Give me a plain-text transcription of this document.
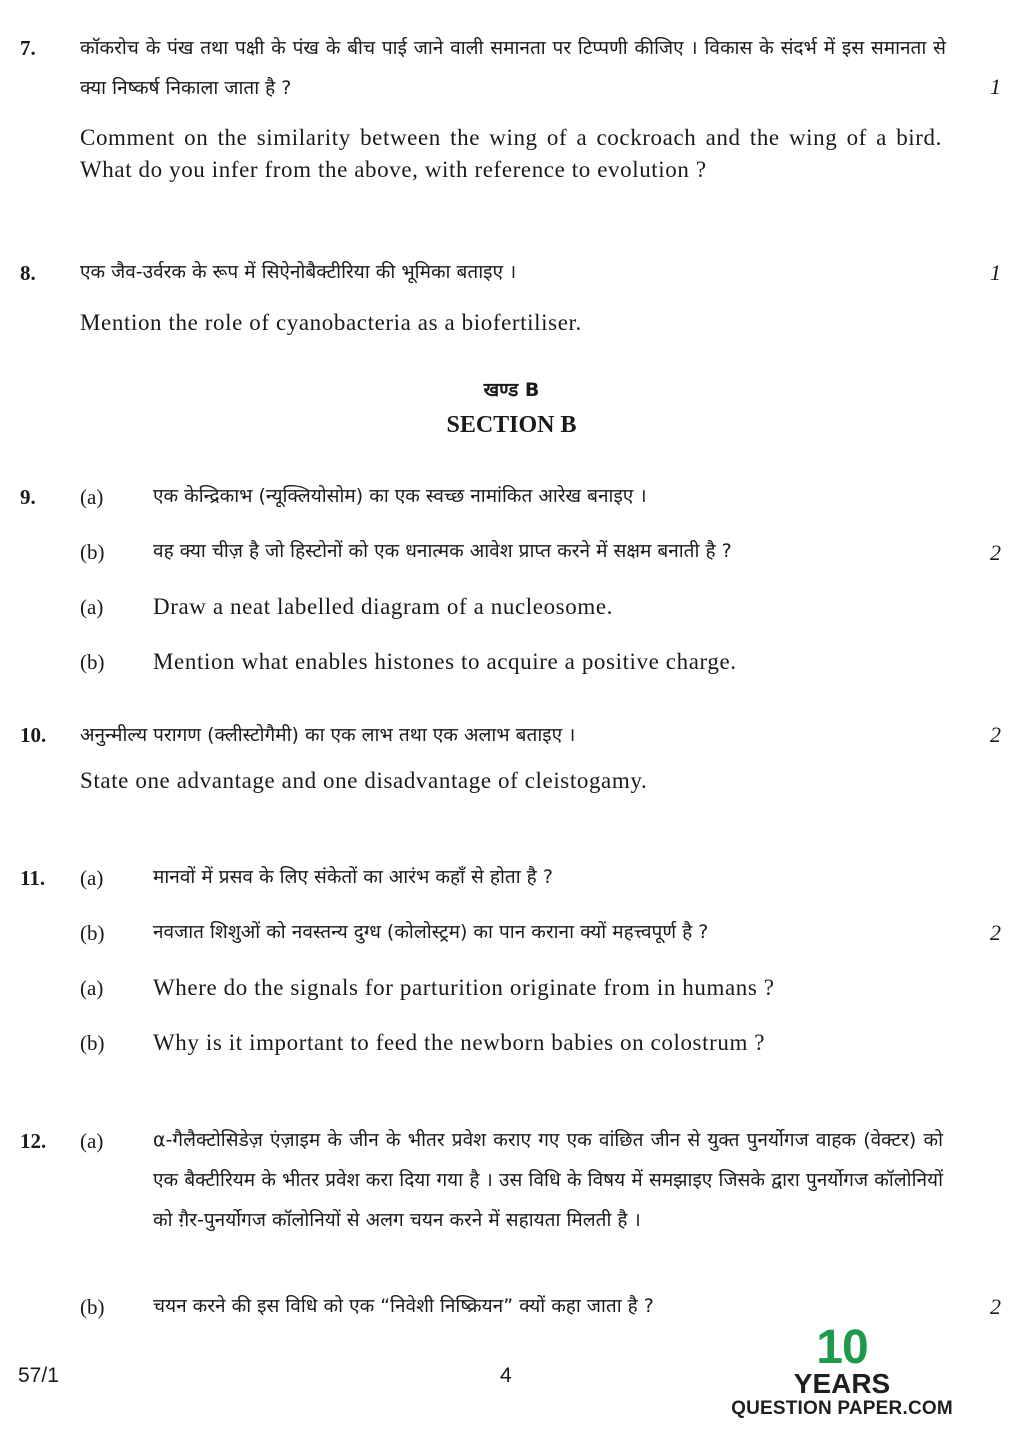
7. कॉकरोच के पंख तथा पक्षी के पंख के बीच पाई जाने वाली समानता पर टिप्पणी कीजिए । विकास के संदर्भ में इस समानता से क्या निष्कर्ष निकाला जाता है ?	1
Comment on the similarity between the wing of a cockroach and the wing of a bird. What do you infer from the above, with reference to evolution ?
8. एक जैव-उर्वरक के रूप में सिऐनोबैक्टीरिया की भूमिका बताइए ।	1
Mention the role of cyanobacteria as a biofertiliser.
खण्ड B
SECTION B
9. (a)	एक केन्द्रिकाभ (न्यूक्लियोसोम) का एक स्वच्छ नामांकित आरेख बनाइए ।
(b)	वह क्या चीज़ है जो हिस्टोनों को एक धनात्मक आवेश प्राप्त करने में सक्षम बनाती है ?	2
(a) Draw a neat labelled diagram of a nucleosome.
(b) Mention what enables histones to acquire a positive charge.
10. अनुन्मील्य परागण (क्लीस्टोगैमी) का एक लाभ तथा एक अलाभ बताइए ।	2
State one advantage and one disadvantage of cleistogamy.
11. (a)	मानवों में प्रसव के लिए संकेतों का आरंभ कहाँ से होता है ?
(b)	नवजात शिशुओं को नवस्तन्य दुग्ध (कोलोस्ट्रम) का पान कराना क्यों महत्त्वपूर्ण है ?	2
(a) Where do the signals for parturition originate from in humans ?
(b) Why is it important to feed the newborn babies on colostrum ?
12. (a)	α-गैलैक्टोसिडेज़ एंज़ाइम के जीन के भीतर प्रवेश कराए गए एक वांछित जीन से युक्त पुनर्योगज वाहक (वेक्टर) को एक बैक्टीरियम के भीतर प्रवेश करा दिया गया है । उस विधि के विषय में समझाइए जिसके द्वारा पुनर्योगज कॉलोनियों को ग़ैर-पुनर्योगज कॉलोनियों से अलग चयन करने में सहायता मिलती है ।
(b)	चयन करने की इस विधि को एक “निवेशी निष्क्रियन” क्यों कहा जाता है ?	2
57/1	4
10
YEARS
QUESTION PAPER.COM
